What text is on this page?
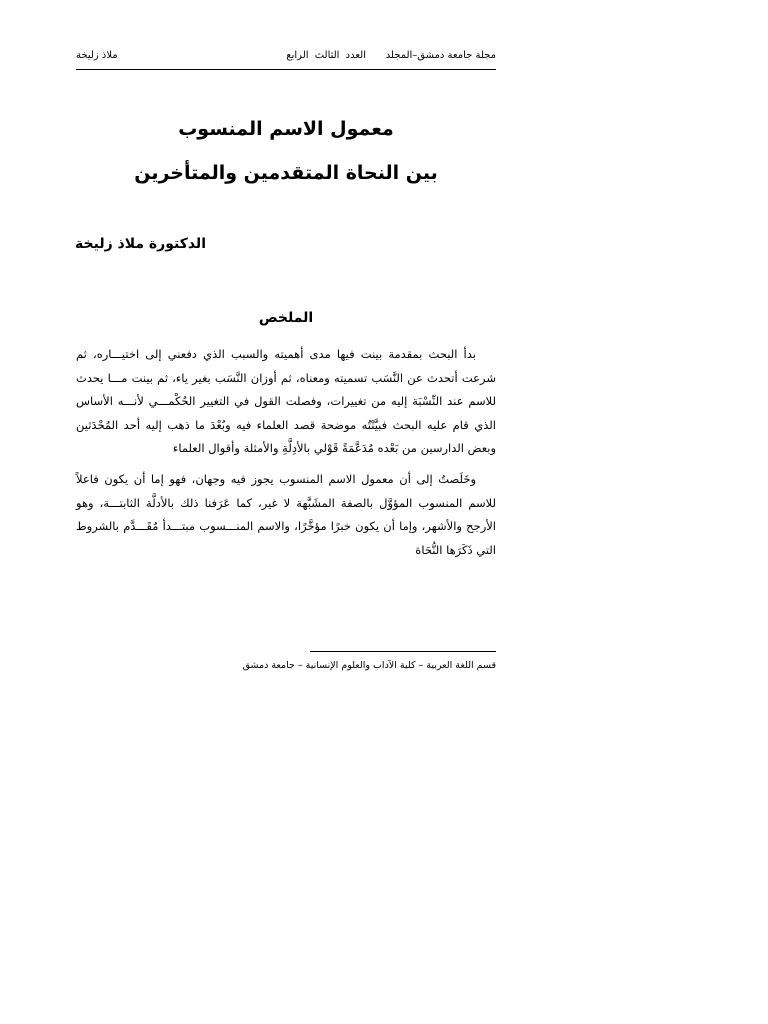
مجلة جامعة دمشق–المجلد
العدد الثالث الرابع
ملاذ زليخة
معمول الاسم المنسوب
بين النحاة المتقدمين والمتأخرين
الدكتورة ملاذ زليخة
الملخص

بدأ البحث بمقدمة بينت فيها مدى أهميته والسبب الذي دفعني إلى اختيـــاره، ثم شرعت أتحدث عن النَّسَب تسميته ومعناه، ثم أوزان النَّسَب بغير ياء، ثم بينت مـــا يحدث للاسم عند النِّسْبَة إليه من تغييرات، وفصلت القول في التغيير الحُكْمـــي لأنـــه الأساس الذي قام عليه البحث فبيَّنْتُه موضحة قصد العلماء فيه وبُعْدَ ما ذهب إليه أحد المُحْدَثين وبعض الدارسين من بَعْده مُدَعَّمَةً قَوْلي بالأدِلَّةِ والأمثلة وأقوال العلماء

وخَلَصتُ إلى أن معمول الاسم المنسوب يجوز فيه وجهان، فهو إما أن يكون فاعلاً للاسم المنسوب المؤوَّل بالصفة المشَبَّهة لا غير، كما عَرَفنا ذلك بالأدلَّة الثابتـــة، وهو الأرجح والأشهر، وإما أن يكون خبرًا مؤخَّرًا، والاسم المنـــسوب مبتـــدأ مُقَـــدَّم بالشروط التي ذَكَرَها النُّحَاة

قسم اللغة العربية – كلية الآداب والعلوم الإنسانية – جامعة دمشق
